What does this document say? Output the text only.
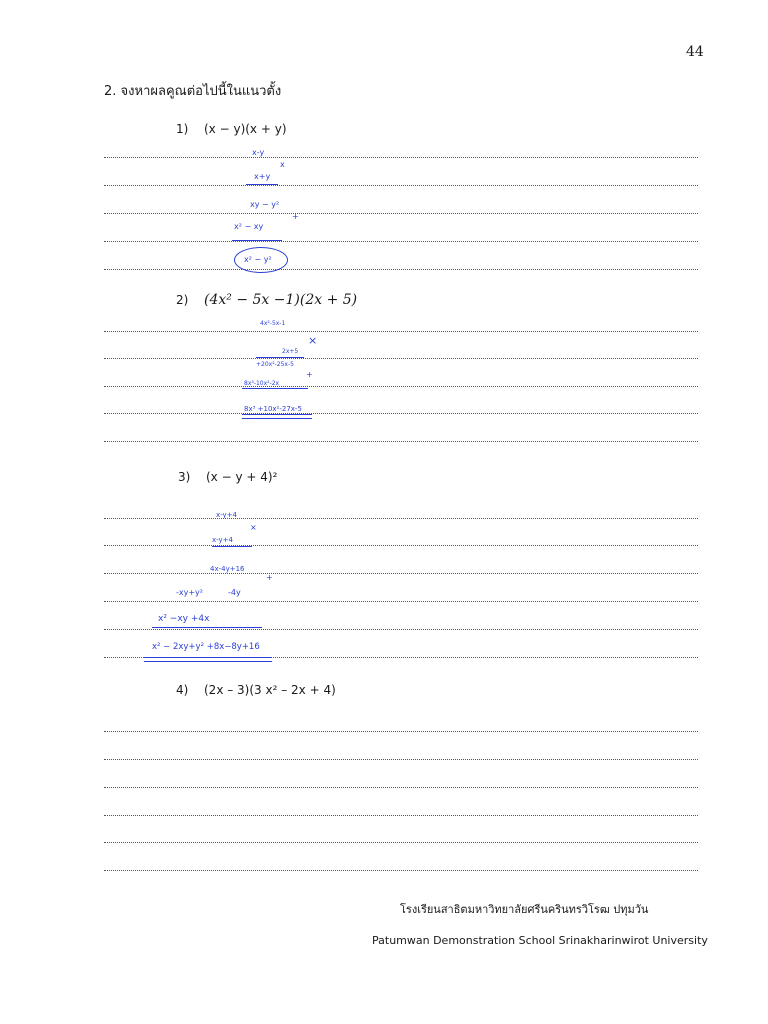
44
2. จงหาผลคูณต่อไปนี้ในแนวตั้ง
1) (x − y)(x + y)
x-y
x
x+y
xy − y²
+
x² − xy
x² − y²
2) (4x² − 5x −1)(2x + 5)
4x²-5x-1
×
2x+5
+20x²-25x-5
+
8x³-10x²-2x
8x³ +10x²-27x-5
3) (x − y + 4)²
x-y+4
×
x-y+4
4x-4y+16
+
-xy+y²	-4y
x² −xy +4x
x² − 2xy+y² +8x−8y+16
4) (2x – 3)(3 x² – 2x + 4)
โรงเรียนสาธิตมหาวิทยาลัยศรีนครินทรวิโรฒ ปทุมวัน
Patumwan Demonstration School Srinakharinwirot University
